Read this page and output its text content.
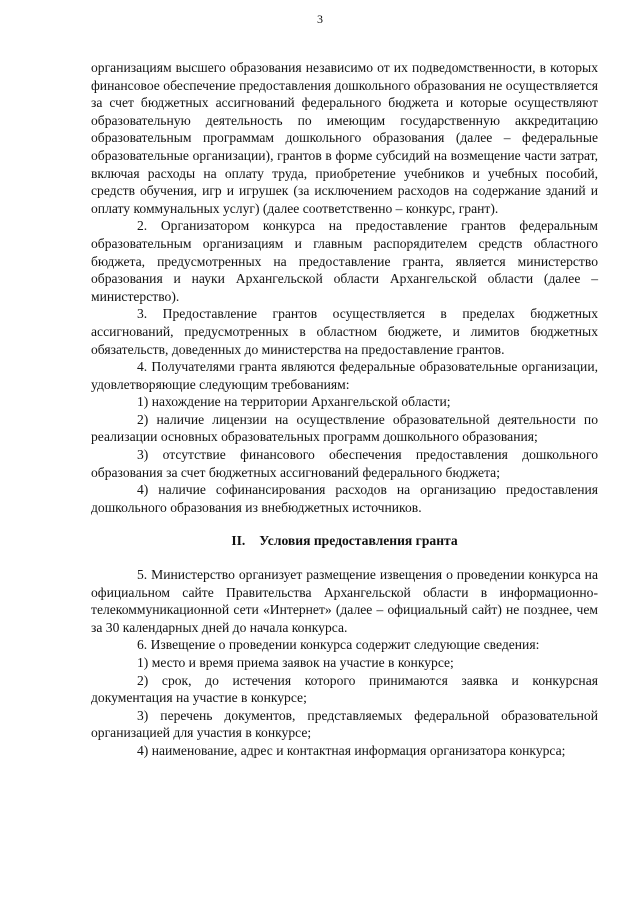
3

организациям высшего образования независимо от их подведомственности, в которых финансовое обеспечение предоставления дошкольного образования не осуществляется за счет бюджетных ассигнований федерального бюджета и которые осуществляют образовательную деятельность по имеющим государственную аккредитацию образовательным программам дошкольного образования (далее – федеральные образовательные организации), грантов в форме субсидий на возмещение части затрат, включая расходы на оплату труда, приобретение учебников и учебных пособий, средств обучения, игр и игрушек (за исключением расходов на содержание зданий и оплату коммунальных услуг) (далее соответственно – конкурс, грант).

2. Организатором конкурса на предоставление грантов федеральным образовательным организациям и главным распорядителем средств областного бюджета, предусмотренных на предоставление гранта, является министерство образования и науки Архангельской области Архангельской области (далее – министерство).

3. Предоставление грантов осуществляется в пределах бюджетных ассигнований, предусмотренных в областном бюджете, и лимитов бюджетных обязательств, доведенных до министерства на предоставление грантов.

4. Получателями гранта являются федеральные образовательные организации, удовлетворяющие следующим требованиям:

1) нахождение на территории Архангельской области;

2) наличие лицензии на осуществление образовательной деятельности по реализации основных образовательных программ дошкольного образования;

3) отсутствие финансового обеспечения предоставления дошкольного образования за счет бюджетных ассигнований федерального бюджета;

4) наличие софинансирования расходов на организацию предоставления дошкольного образования из внебюджетных источников.

II. Условия предоставления гранта

5. Министерство организует размещение извещения о проведении конкурса на официальном сайте Правительства Архангельской области в информационно-телекоммуникационной сети «Интернет» (далее – официальный сайт) не позднее, чем за 30 календарных дней до начала конкурса.

6. Извещение о проведении конкурса содержит следующие сведения:

1) место и время приема заявок на участие в конкурсе;

2) срок, до истечения которого принимаются заявка и конкурсная документация на участие в конкурсе;

3) перечень документов, представляемых федеральной образовательной организацией для участия в конкурсе;

4) наименование, адрес и контактная информация организатора конкурса;
